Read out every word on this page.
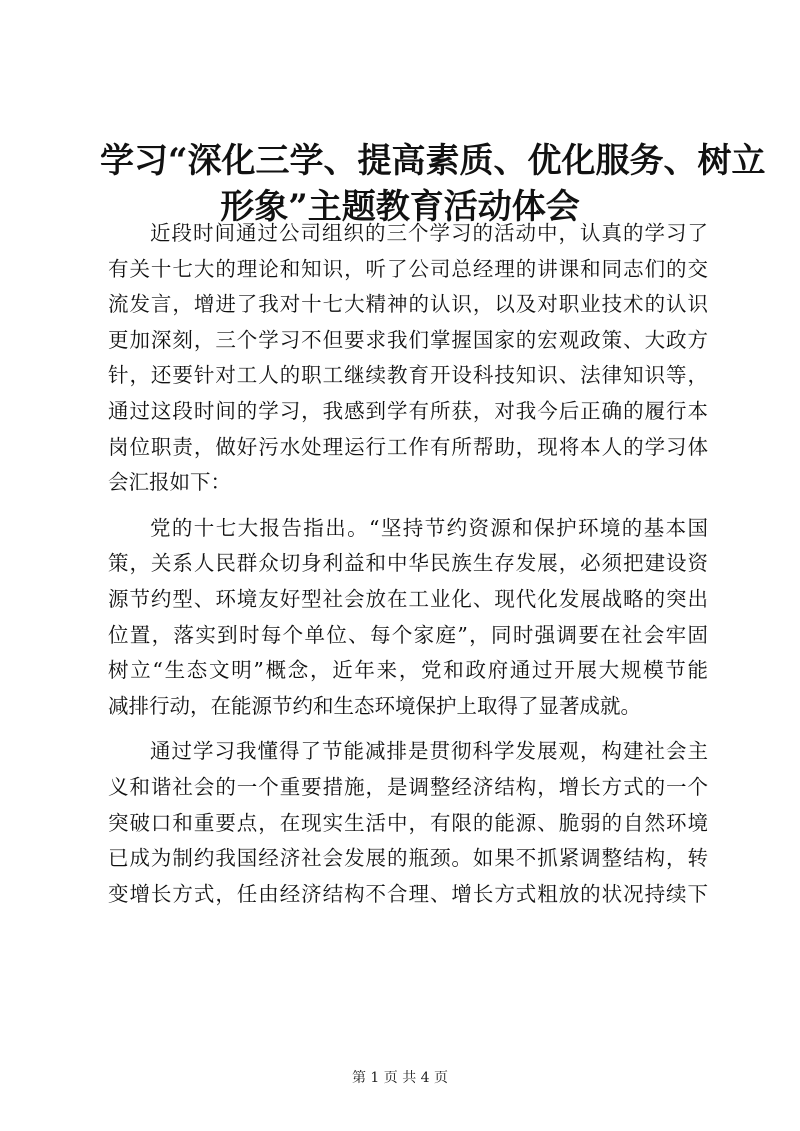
学习“深化三学、提高素质、优化服务、树立
形象”主题教育活动体会
近段时间通过公司组织的三个学习的活动中，认真的学习了
有关十七大的理论和知识，听了公司总经理的讲课和同志们的交
流发言，增进了我对十七大精神的认识，以及对职业技术的认识
更加深刻，三个学习不但要求我们掌握国家的宏观政策、大政方
针，还要针对工人的职工继续教育开设科技知识、法律知识等，
通过这段时间的学习，我感到学有所获，对我今后正确的履行本
岗位职责，做好污水处理运行工作有所帮助，现将本人的学习体
会汇报如下：
党的十七大报告指出。“坚持节约资源和保护环境的基本国
策，关系人民群众切身利益和中华民族生存发展，必须把建设资
源节约型、环境友好型社会放在工业化、现代化发展战略的突出
位置，落实到时每个单位、每个家庭”，同时强调要在社会牢固
树立“生态文明”概念，近年来，党和政府通过开展大规模节能
减排行动，在能源节约和生态环境保护上取得了显著成就。
通过学习我懂得了节能减排是贯彻科学发展观，构建社会主
义和谐社会的一个重要措施，是调整经济结构，增长方式的一个
突破口和重要点，在现实生活中，有限的能源、脆弱的自然环境
已成为制约我国经济社会发展的瓶颈。如果不抓紧调整结构，转
变增长方式，任由经济结构不合理、增长方式粗放的状况持续下
第 1 页 共 4 页
